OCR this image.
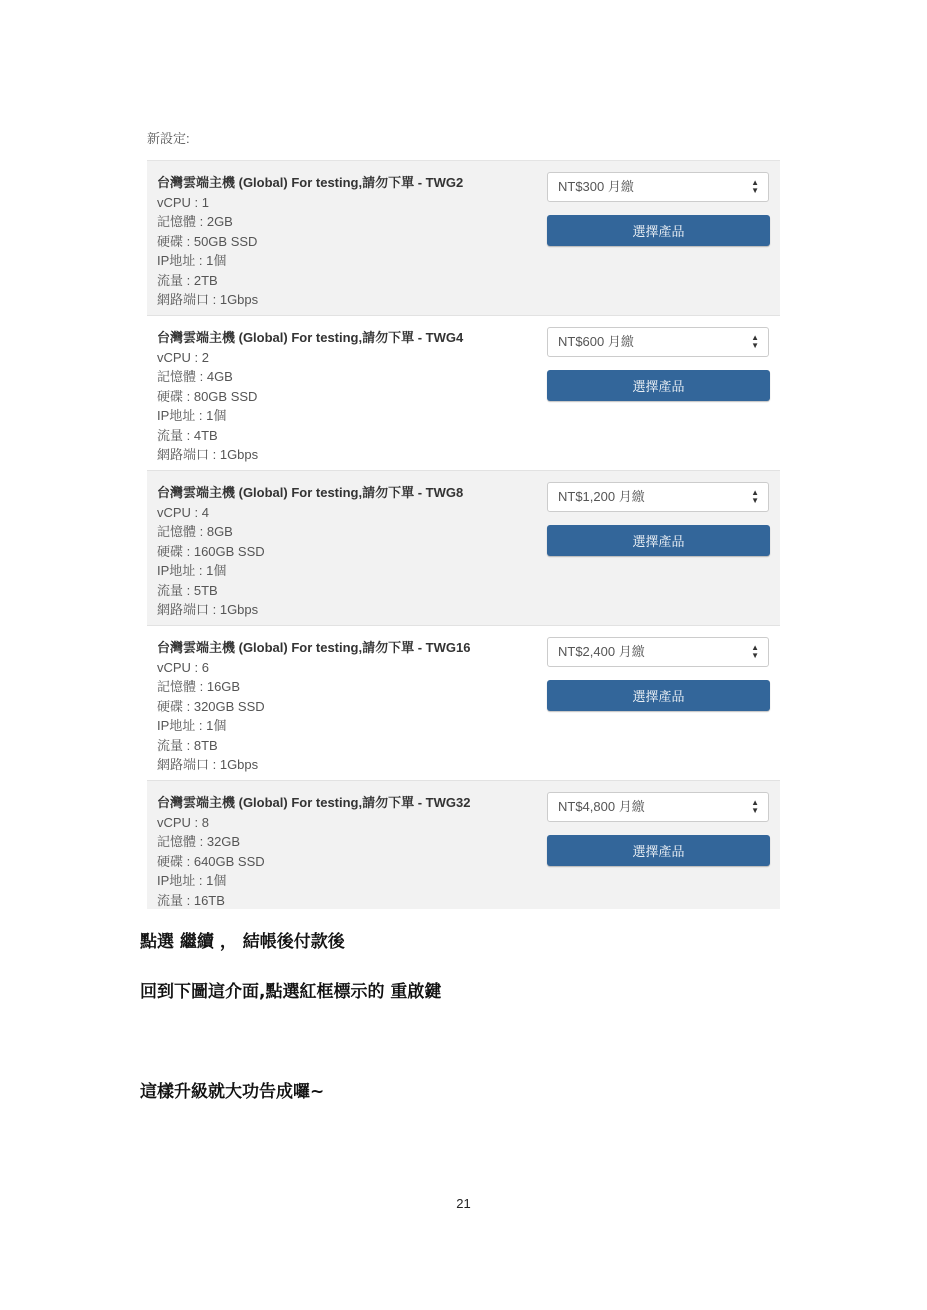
新設定:
台灣雲端主機 (Global) For testing,請勿下單 - TWG2
vCPU : 1
記憶體 : 2GB
硬碟 : 50GB SSD
IP地址 : 1個
流量 : 2TB
網路端口 : 1Gbps
NT$300 月繳	▲
▼
選擇產品
台灣雲端主機 (Global) For testing,請勿下單 - TWG4
vCPU : 2
記憶體 : 4GB
硬碟 : 80GB SSD
IP地址 : 1個
流量 : 4TB
網路端口 : 1Gbps
NT$600 月繳	▲
▼
選擇產品
台灣雲端主機 (Global) For testing,請勿下單 - TWG8
vCPU : 4
記憶體 : 8GB
硬碟 : 160GB SSD
IP地址 : 1個
流量 : 5TB
網路端口 : 1Gbps
NT$1,200 月繳	▲
▼
選擇產品
台灣雲端主機 (Global) For testing,請勿下單 - TWG16
vCPU : 6
記憶體 : 16GB
硬碟 : 320GB SSD
IP地址 : 1個
流量 : 8TB
網路端口 : 1Gbps
NT$2,400 月繳	▲
▼
選擇產品
台灣雲端主機 (Global) For testing,請勿下單 - TWG32
vCPU : 8
記憶體 : 32GB
硬碟 : 640GB SSD
IP地址 : 1個
流量 : 16TB
NT$4,800 月繳	▲
▼
選擇產品
點選 繼續 ， 結帳後付款後
回到下圖這介面,點選紅框標示的 重啟鍵
這樣升級就大功告成囉~
21
